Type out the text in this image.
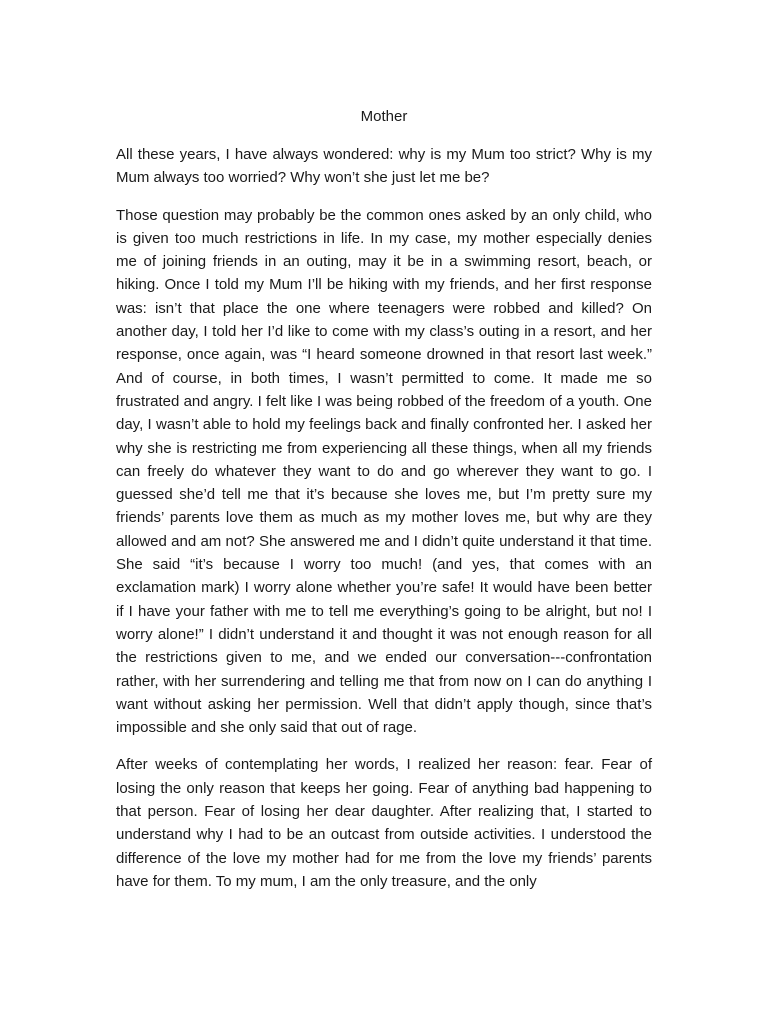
Mother

All these years, I have always wondered: why is my Mum too strict? Why is my Mum always too worried? Why won’t she just let me be?

Those question may probably be the common ones asked by an only child, who is given too much restrictions in life. In my case, my mother especially denies me of joining friends in an outing, may it be in a swimming resort, beach, or hiking. Once I told my Mum I’ll be hiking with my friends, and her first response was: isn’t that place the one where teenagers were robbed and killed? On another day, I told her I’d like to come with my class’s outing in a resort, and her response, once again, was “I heard someone drowned in that resort last week.” And of course, in both times, I wasn’t permitted to come. It made me so frustrated and angry. I felt like I was being robbed of the freedom of a youth. One day, I wasn’t able to hold my feelings back and finally confronted her. I asked her why she is restricting me from experiencing all these things, when all my friends can freely do whatever they want to do and go wherever they want to go. I guessed she’d tell me that it’s because she loves me, but I’m pretty sure my friends’ parents love them as much as my mother loves me, but why are they allowed and am not? She answered me and I didn’t quite understand it that time. She said “it’s because I worry too much! (and yes, that comes with an exclamation mark) I worry alone whether you’re safe! It would have been better if I have your father with me to tell me everything’s going to be alright, but no! I worry alone!” I didn’t understand it and thought it was not enough reason for all the restrictions given to me, and we ended our conversation---confrontation rather, with her surrendering and telling me that from now on I can do anything I want without asking her permission. Well that didn’t apply though, since that’s impossible and she only said that out of rage.

After weeks of contemplating her words, I realized her reason: fear. Fear of losing the only reason that keeps her going. Fear of anything bad happening to that person. Fear of losing her dear daughter. After realizing that, I started to understand why I had to be an outcast from outside activities. I understood the difference of the love my mother had for me from the love my friends’ parents have for them. To my mum, I am the only treasure, and the only
